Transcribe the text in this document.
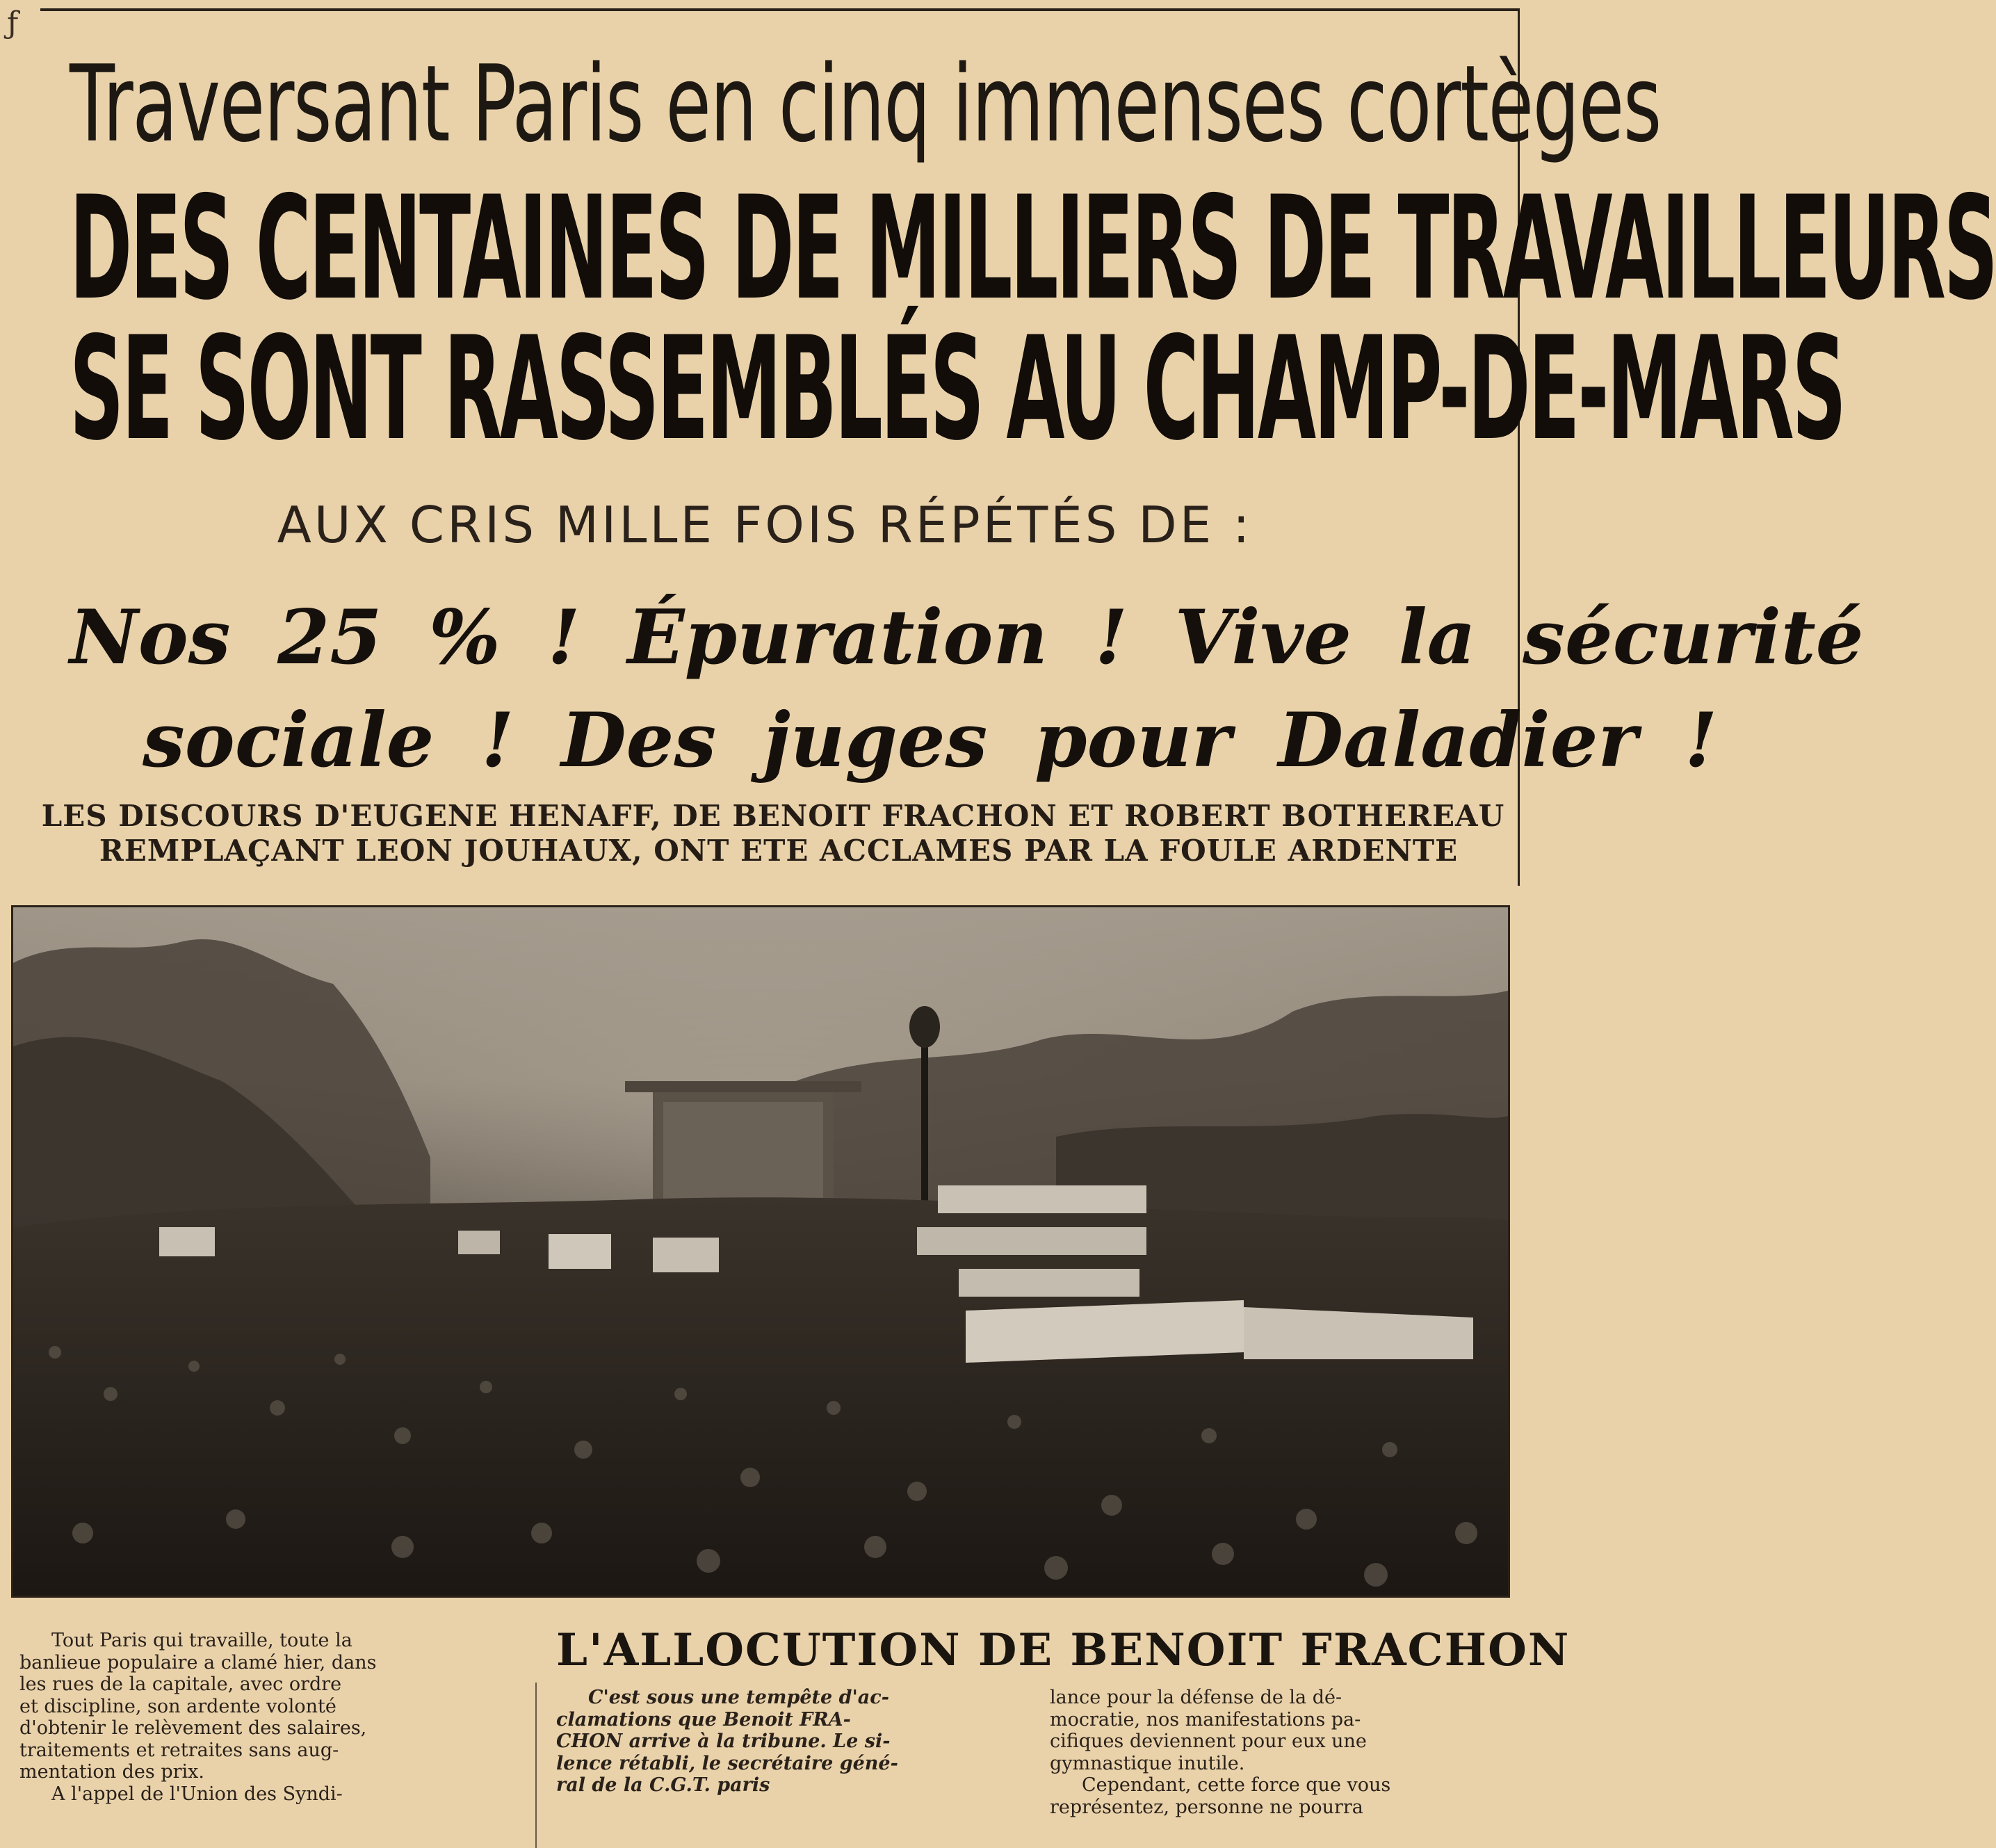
ƒ
Traversant Paris en cinq immenses cortèges
DES CENTAINES DE MILLIERS DE TRAVAILLEURS
SE SONT RASSEMBLÉS AU CHAMP-DE-MARS
AUX CRIS MILLE FOIS RÉPÉTÉS DE :
Nos 25 % ! Épuration ! Vive la sécurité
sociale ! Des juges pour Daladier !
LES DISCOURS D'EUGENE HENAFF, DE BENOIT FRACHON ET ROBERT BOTHEREAU
REMPLAÇANT LEON JOUHAUX, ONT ETE ACCLAMES PAR LA FOULE ARDENTE

Tout Paris qui travaille, toute la

banlieue populaire a clamé hier, dans
les rues de la capitale, avec ordre
et discipline, son ardente volonté
d'obtenir le relèvement des salaires,
traitements et retraites sans aug-
mentation des prix.

A l'appel de l'Union des Syndi-

L'ALLOCUTION DE BENOIT FRACHON

C'est sous une tempête d'ac-

clamations que Benoit FRA-
CHON arrive à la tribune. Le si-
lence rétabli, le secrétaire géné-
ral de la C.G.T. paris
lance pour la défense de la dé-
mocratie, nos manifestations pa-
cifiques deviennent pour eux une
gymnastique inutile.

Cependant, cette force que vous

représentez, personne ne pourra
